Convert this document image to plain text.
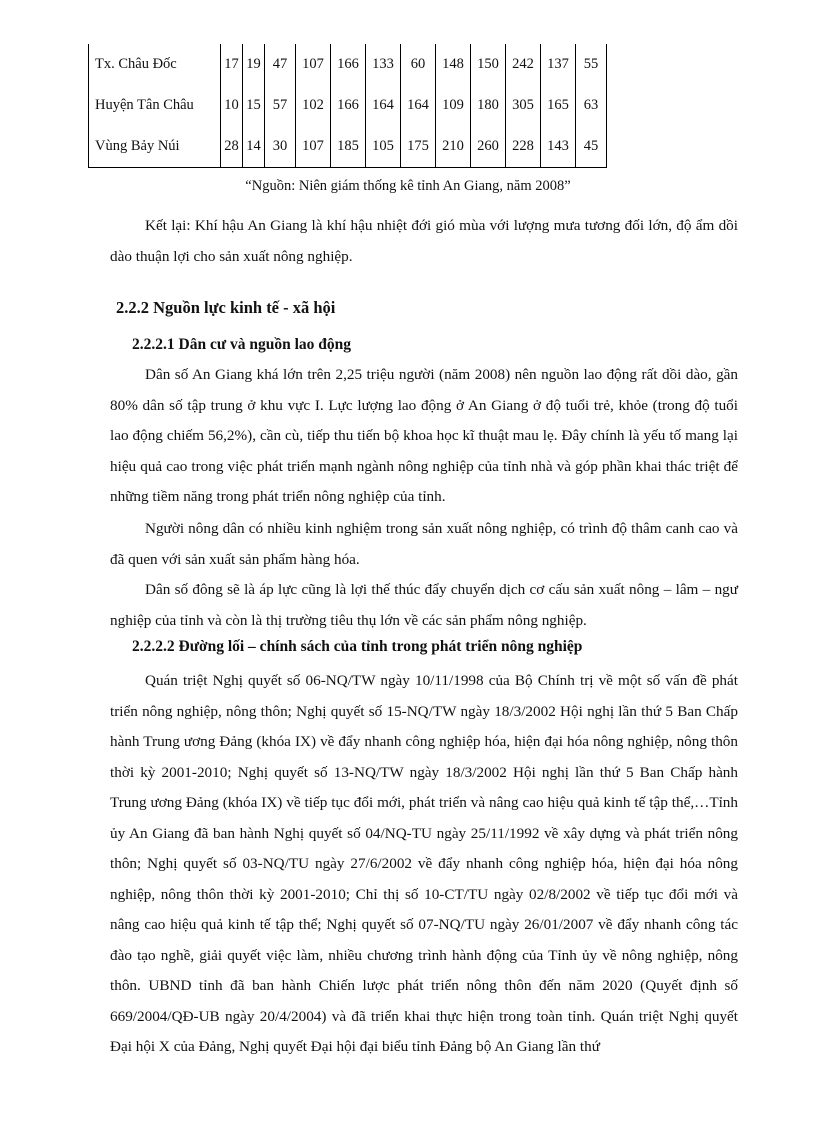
Tx. Châu Đốc	17	19	47	107	166	133	60	148	150	242	137	55
Huyện Tân Châu	10	15	57	102	166	164	164	109	180	305	165	63
Vùng Bảy Núi	28	14	30	107	185	105	175	210	260	228	143	45
“Nguồn: Niên giám thống kê tỉnh An Giang, năm 2008”

Kết lại: Khí hậu An Giang là khí hậu nhiệt đới gió mùa với lượng mưa tương đối lớn, độ ẩm dồi dào thuận lợi cho sản xuất nông nghiệp.

2.2.2 Nguồn lực kinh tế - xã hội
2.2.2.1 Dân cư và nguồn lao động

Dân số An Giang khá lớn trên 2,25 triệu người (năm 2008) nên nguồn lao động rất dồi dào, gần 80% dân số tập trung ở khu vực I. Lực lượng lao động ở An Giang ở độ tuổi trẻ, khỏe (trong độ tuổi lao động chiếm 56,2%), cần cù, tiếp thu tiến bộ khoa học kĩ thuật mau lẹ. Đây chính là yếu tố mang lại hiệu quả cao trong việc phát triển mạnh ngành nông nghiệp của tỉnh nhà và góp phần khai thác triệt để những tiềm năng trong phát triển nông nghiệp của tỉnh.

Người nông dân có nhiều kinh nghiệm trong sản xuất nông nghiệp, có trình độ thâm canh cao và đã quen với sản xuất sản phẩm hàng hóa.

Dân số đông sẽ là áp lực cũng là lợi thế thúc đẩy chuyển dịch cơ cấu sản xuất nông – lâm – ngư nghiệp của tỉnh và còn là thị trường tiêu thụ lớn về các sản phẩm nông nghiệp.

2.2.2.2 Đường lối – chính sách của tỉnh trong phát triển nông nghiệp

Quán triệt Nghị quyết số 06-NQ/TW ngày 10/11/1998 của Bộ Chính trị về một số vấn đề phát triển nông nghiệp, nông thôn; Nghị quyết số 15-NQ/TW ngày 18/3/2002 Hội nghị lần thứ 5 Ban Chấp hành Trung ương Đảng (khóa IX) về đẩy nhanh công nghiệp hóa, hiện đại hóa nông nghiệp, nông thôn thời kỳ 2001-2010; Nghị quyết số 13-NQ/TW ngày 18/3/2002 Hội nghị lần thứ 5 Ban Chấp hành Trung ương Đảng (khóa IX) về tiếp tục đổi mới, phát triển và nâng cao hiệu quả kinh tế tập thể,…Tỉnh ủy An Giang đã ban hành Nghị quyết số 04/NQ-TU ngày 25/11/1992 về xây dựng và phát triển nông thôn; Nghị quyết số 03-NQ/TU ngày 27/6/2002 về đẩy nhanh công nghiệp hóa, hiện đại hóa nông nghiệp, nông thôn thời kỳ 2001-2010; Chỉ thị số 10-CT/TU ngày 02/8/2002 về tiếp tục đổi mới và nâng cao hiệu quả kinh tế tập thể; Nghị quyết số 07-NQ/TU ngày 26/01/2007 về đẩy nhanh công tác đào tạo nghề, giải quyết việc làm, nhiều chương trình hành động của Tỉnh ủy về nông nghiệp, nông thôn. UBND tỉnh đã ban hành Chiến lược phát triển nông thôn đến năm 2020 (Quyết định số 669/2004/QĐ-UB ngày 20/4/2004) và đã triển khai thực hiện trong toàn tỉnh. Quán triệt Nghị quyết Đại hội X của Đảng, Nghị quyết Đại hội đại biểu tỉnh Đảng bộ An Giang lần thứ
